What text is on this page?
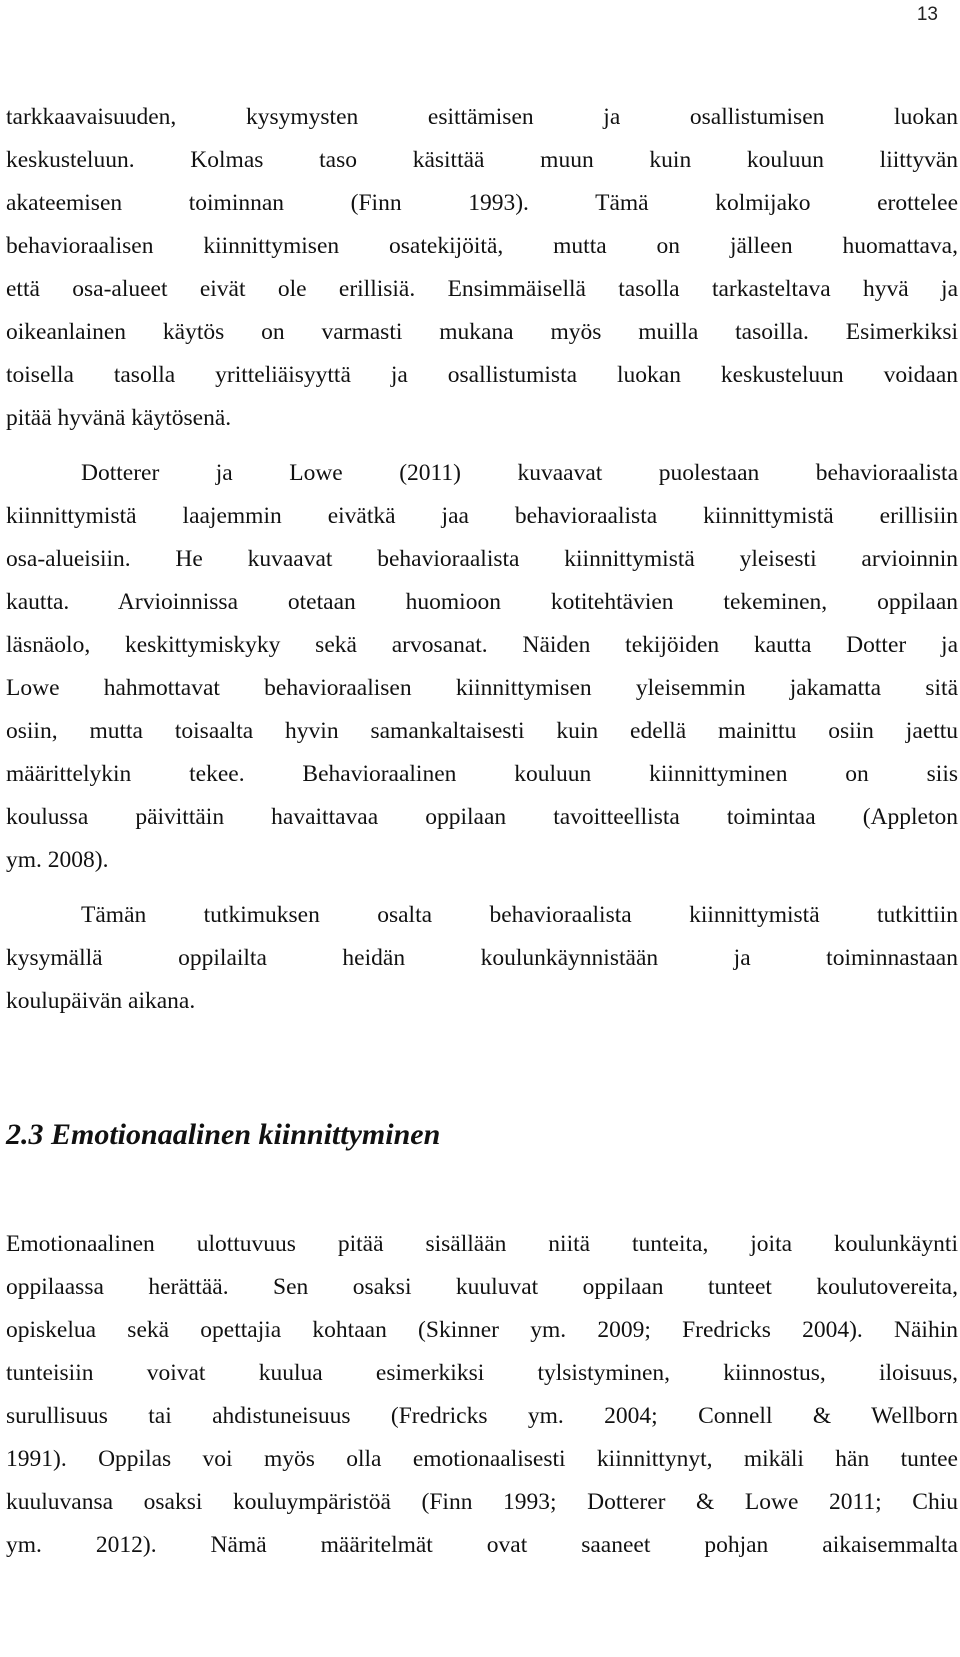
13
tarkkaavaisuuden, kysymysten esittämisen ja osallistumisen luokan
keskusteluun. Kolmas taso käsittää muun kuin kouluun liittyvän
akateemisen toiminnan (Finn 1993). Tämä kolmijako erottelee
behavioraalisen kiinnittymisen osatekijöitä, mutta on jälleen huomattava,
että osa-alueet eivät ole erillisiä. Ensimmäisellä tasolla tarkasteltava hyvä ja
oikeanlainen käytös on varmasti mukana myös muilla tasoilla. Esimerkiksi
toisella tasolla yritteliäisyyttä ja osallistumista luokan keskusteluun voidaan
pitää hyvänä käytösenä.
Dotterer ja Lowe (2011) kuvaavat puolestaan behavioraalista
kiinnittymistä laajemmin eivätkä jaa behavioraalista kiinnittymistä erillisiin
osa-alueisiin. He kuvaavat behavioraalista kiinnittymistä yleisesti arvioinnin
kautta. Arvioinnissa otetaan huomioon kotitehtävien tekeminen, oppilaan
läsnäolo, keskittymiskyky sekä arvosanat. Näiden tekijöiden kautta Dotter ja
Lowe hahmottavat behavioraalisen kiinnittymisen yleisemmin jakamatta sitä
osiin, mutta toisaalta hyvin samankaltaisesti kuin edellä mainittu osiin jaettu
määrittelykin tekee. Behavioraalinen kouluun kiinnittyminen on siis
koulussa päivittäin havaittavaa oppilaan tavoitteellista toimintaa (Appleton
ym. 2008).
Tämän tutkimuksen osalta behavioraalista kiinnittymistä tutkittiin
kysymällä oppilailta heidän koulunkäynnistään ja toiminnastaan
koulupäivän aikana.
2.3 Emotionaalinen kiinnittyminen
Emotionaalinen ulottuvuus pitää sisällään niitä tunteita, joita koulunkäynti
oppilaassa herättää. Sen osaksi kuuluvat oppilaan tunteet koulutovereita,
opiskelua sekä opettajia kohtaan (Skinner ym. 2009; Fredricks 2004). Näihin
tunteisiin voivat kuulua esimerkiksi tylsistyminen, kiinnostus, iloisuus,
surullisuus tai ahdistuneisuus (Fredricks ym. 2004; Connell & Wellborn
1991). Oppilas voi myös olla emotionaalisesti kiinnittynyt, mikäli hän tuntee
kuuluvansa osaksi kouluympäristöä (Finn 1993; Dotterer & Lowe 2011; Chiu
ym. 2012). Nämä määritelmät ovat saaneet pohjan aikaisemmalta
